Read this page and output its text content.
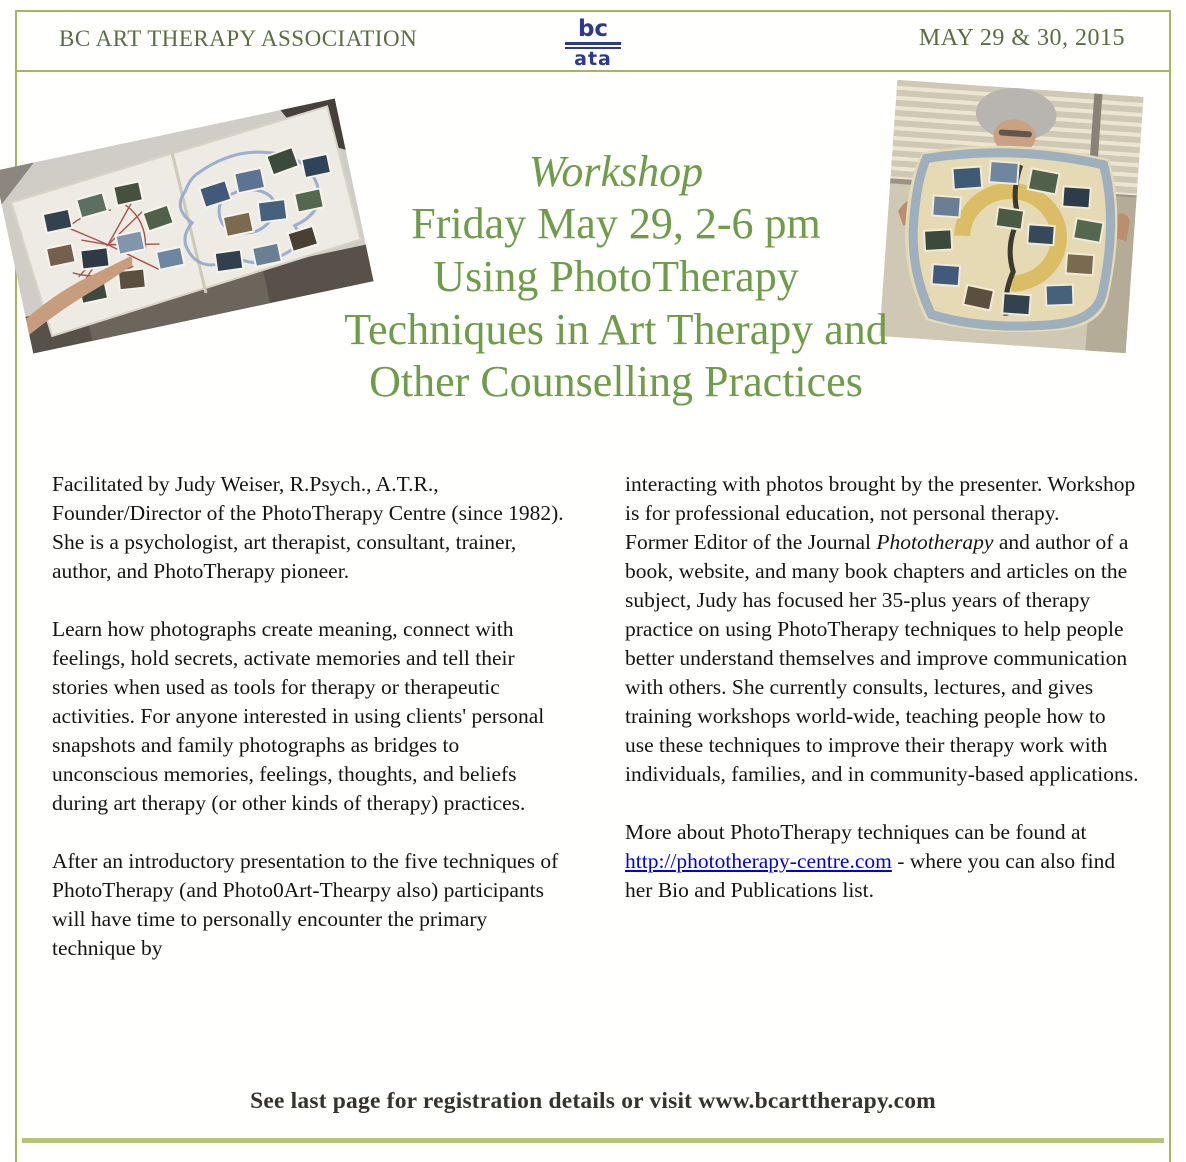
BC ART THERAPY ASSOCIATION	bc
ata
MAY 29 & 30, 2015
Workshop
Friday May 29, 2-6 pm
Using PhotoTherapy
Techniques in Art Therapy and
Other Counselling Practices

Facilitated by Judy Weiser, R.Psych., A.T.R., Founder/Director of the PhotoTherapy Centre (since 1982). She is a psychologist, art therapist, consultant, trainer, author, and PhotoTherapy pioneer.

Learn how photographs create meaning, connect with feelings, hold secrets, activate memories and tell their stories when used as tools for therapy or therapeutic activities. For anyone interested in using clients' personal snapshots and family photographs as bridges to unconscious memories, feelings, thoughts, and beliefs during art therapy (or other kinds of therapy) practices.

After an introductory presentation to the five techniques of PhotoTherapy (and Photo0Art-Thearpy also) participants will have time to personally encounter the primary technique by

interacting with photos brought by the presenter. Workshop is for professional education, not personal therapy.

Former Editor of the Journal Phototherapy and author of a book, website, and many book chapters and articles on the subject, Judy has focused her 35-plus years of therapy practice on using PhotoTherapy techniques to help people better understand themselves and improve communication with others. She currently consults, lectures, and gives training workshops world-wide, teaching people how to use these techniques to improve their therapy work with individuals, families, and in community-based applications.

More about PhotoTherapy techniques can be found at http://phototherapy-centre.com - where you can also find her Bio and Publications list.

See last page for registration details or visit www.bcarttherapy.com
